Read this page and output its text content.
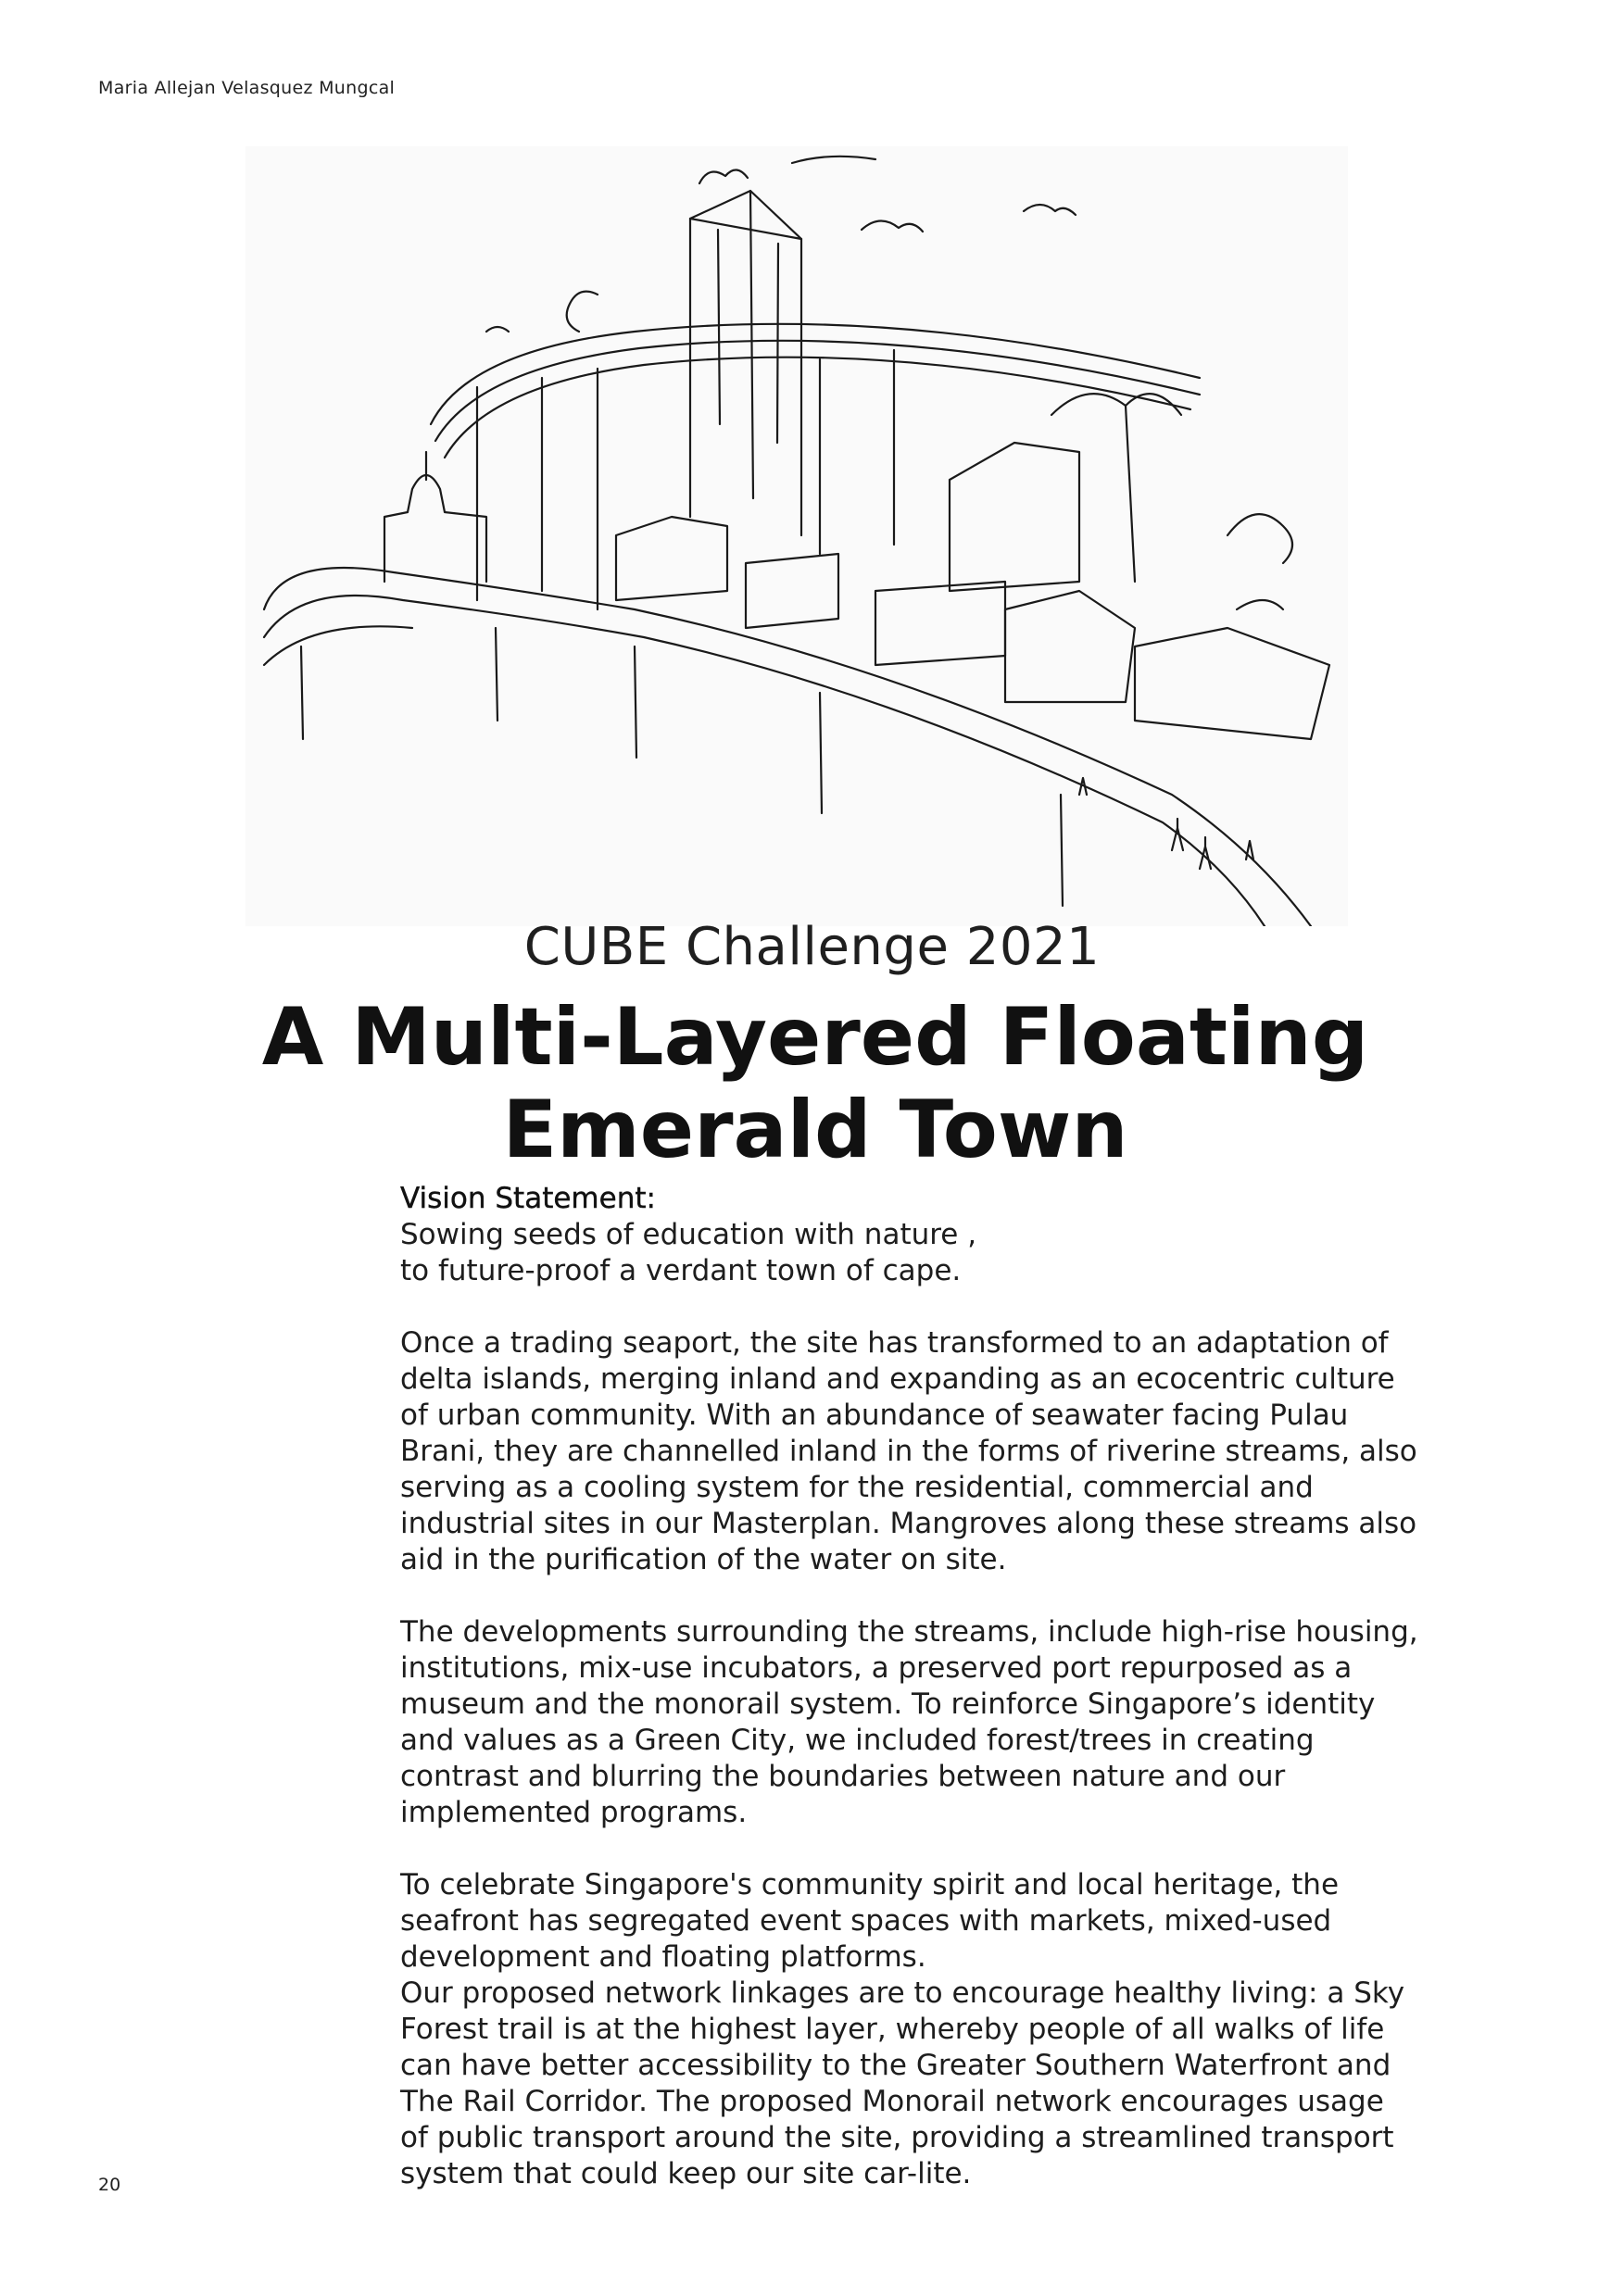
Maria Allejan Velasquez Mungcal
CUBE Challenge 2021
A Multi-Layered Floating Emerald Town

Vision Statement:

Sowing seeds of education with nature ,

to future-proof a verdant town of cape.

Once a trading seaport, the site has transformed to an adaptation of delta islands, merging inland and expanding as an ecocentric culture of urban community. With an abundance of seawater facing Pulau Brani, they are channelled inland in the forms of riverine streams, also serving as a cooling system for the residential, commercial and industrial sites in our Masterplan. Mangroves along these streams also aid in the purification of the water on site.

The developments surrounding the streams, include high-rise housing, institutions, mix-use incubators, a preserved port repurposed as a museum and the monorail system. To reinforce Singapore’s identity and values as a Green City, we included forest/trees in creating contrast and blurring the boundaries between nature and our implemented programs.

To celebrate Singapore's community spirit and local heritage, the seafront has segregated event spaces with markets, mixed-used development and floating platforms.

Our proposed network linkages are to encourage healthy living: a Sky Forest trail is at the highest layer, whereby people of all walks of life can have better accessibility to the Greater Southern Waterfront and The Rail Corridor. The proposed Monorail network encourages usage of public transport around the site, providing a streamlined transport system that could keep our site car-lite.

20
